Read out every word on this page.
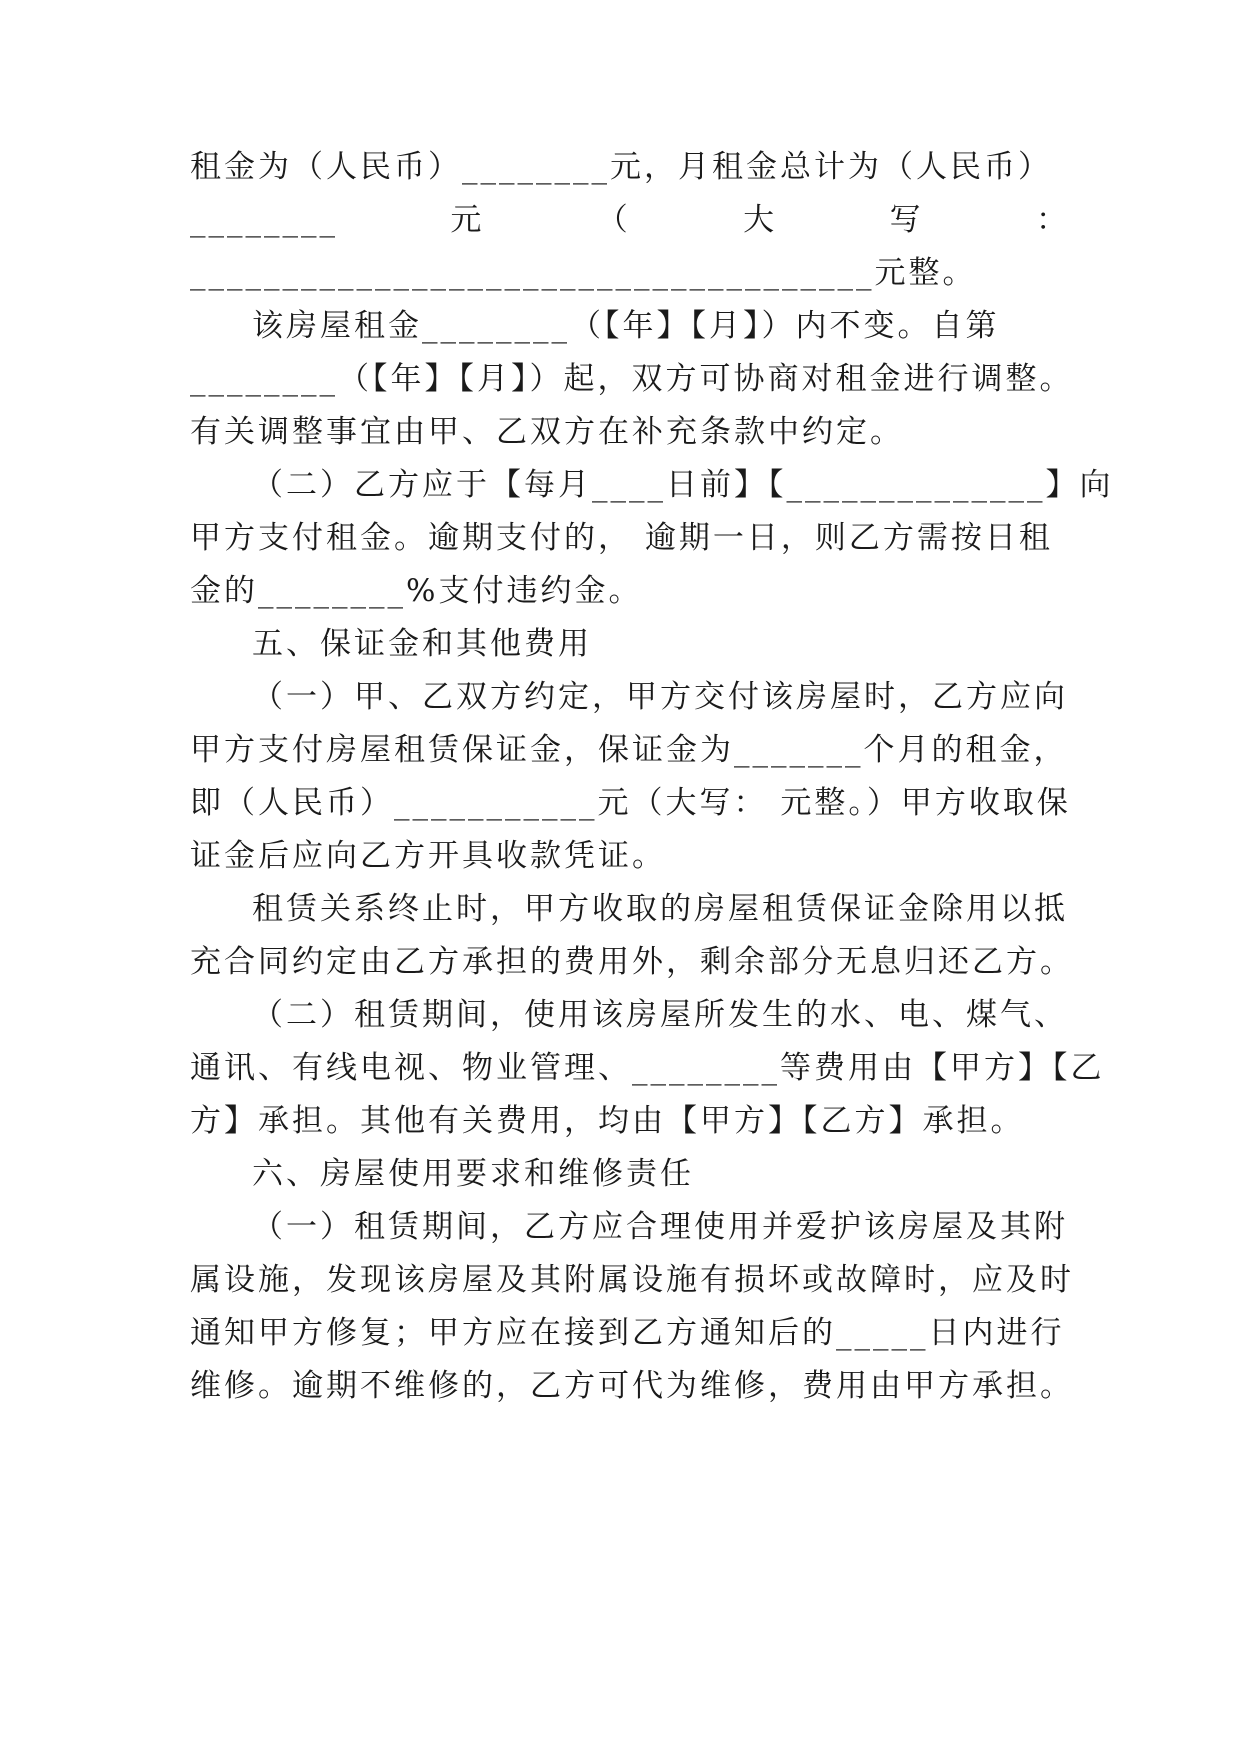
租金为（人民币）________元，月租金总计为（人民币）
________	元	（	大	写	：
_____________________________________元整。
该房屋租金________（【年】【月】）内不变。自第
________（【年】【月】）起，双方可协商对租金进行调整。
有关调整事宜由甲、乙双方在补充条款中约定。
（二）乙方应于【每月____日前】【______________】向
甲方支付租金。逾期支付的， 逾期一日，则乙方需按日租
金的________%支付违约金。
五、保证金和其他费用
（一）甲、乙双方约定，甲方交付该房屋时，乙方应向
甲方支付房屋租赁保证金，保证金为_______个月的租金，
即（人民币）___________元（大写： 元整。）甲方收取保
证金后应向乙方开具收款凭证。
租赁关系终止时，甲方收取的房屋租赁保证金除用以抵
充合同约定由乙方承担的费用外，剩余部分无息归还乙方。
（二）租赁期间，使用该房屋所发生的水、电、煤气、
通讯、有线电视、物业管理、________等费用由【甲方】【乙
方】承担。其他有关费用，均由【甲方】【乙方】承担。
六、房屋使用要求和维修责任
（一）租赁期间，乙方应合理使用并爱护该房屋及其附
属设施，发现该房屋及其附属设施有损坏或故障时，应及时
通知甲方修复；甲方应在接到乙方通知后的_____日内进行
维修。逾期不维修的，乙方可代为维修，费用由甲方承担。
